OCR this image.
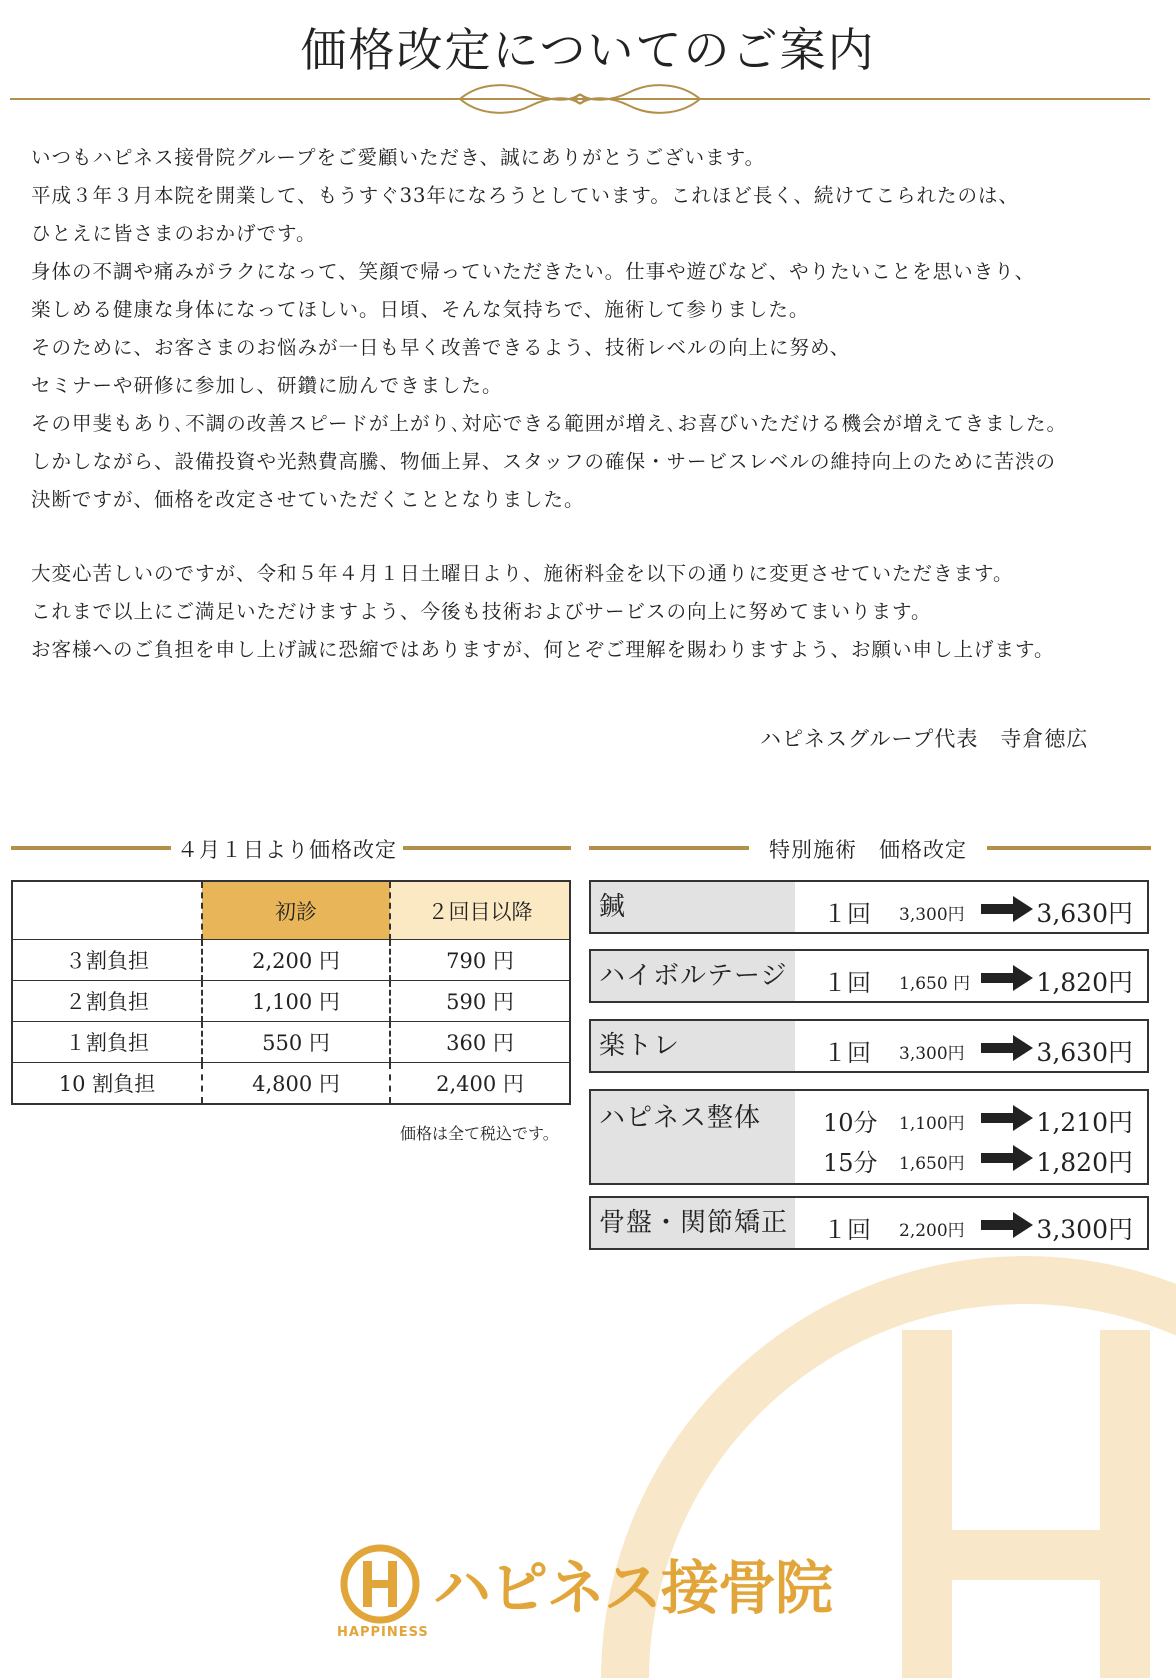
価格改定についてのご案内
いつもハピネス接骨院グループをご愛顧いただき、誠にありがとうございます。
平成３年３月本院を開業して、もうすぐ33年になろうとしています。これほど長く、続けてこられたのは、
ひとえに皆さまのおかげです。
身体の不調や痛みがラクになって、笑顔で帰っていただきたい。仕事や遊びなど、やりたいことを思いきり、
楽しめる健康な身体になってほしい。日頃、そんな気持ちで、施術して参りました。
そのために、お客さまのお悩みが一日も早く改善できるよう、技術レベルの向上に努め、
セミナーや研修に参加し、研鑽に励んできました。
その甲斐もあり､不調の改善スピードが上がり､対応できる範囲が増え､お喜びいただける機会が増えてきました。
しかしながら、設備投資や光熱費高騰、物価上昇、スタッフの確保・サービスレベルの維持向上のために苦渋の
決断ですが、価格を改定させていただくこととなりました。
大変心苦しいのですが、令和５年４月１日土曜日より、施術料金を以下の通りに変更させていただきます。
これまで以上にご満足いただけますよう、今後も技術およびサービスの向上に努めてまいります。
お客様へのご負担を申し上げ誠に恐縮ではありますが、何とぞご理解を賜わりますよう、お願い申し上げます。
ハピネスグループ代表　寺倉徳広
４月１日より価格改定	特別施術　価格改定
	初診	２回目以降
３割負担	2,200 円	790 円
２割負担	1,100 円	590 円
１割負担	550 円	360 円
10 割負担	4,800 円	2,400 円
価格は全て税込です。
鍼	１回 3,300円	3,630円
ハイボルテージ	１回 1,650 円	1,820円
楽トレ	１回 3,300円	3,630円
ハピネス整体	10分 1,100円	1,210円
15分 1,650円	1,820円
骨盤・関節矯正 １回 2,200円	3,300円
ハピネス接骨院
HAPPINESS
